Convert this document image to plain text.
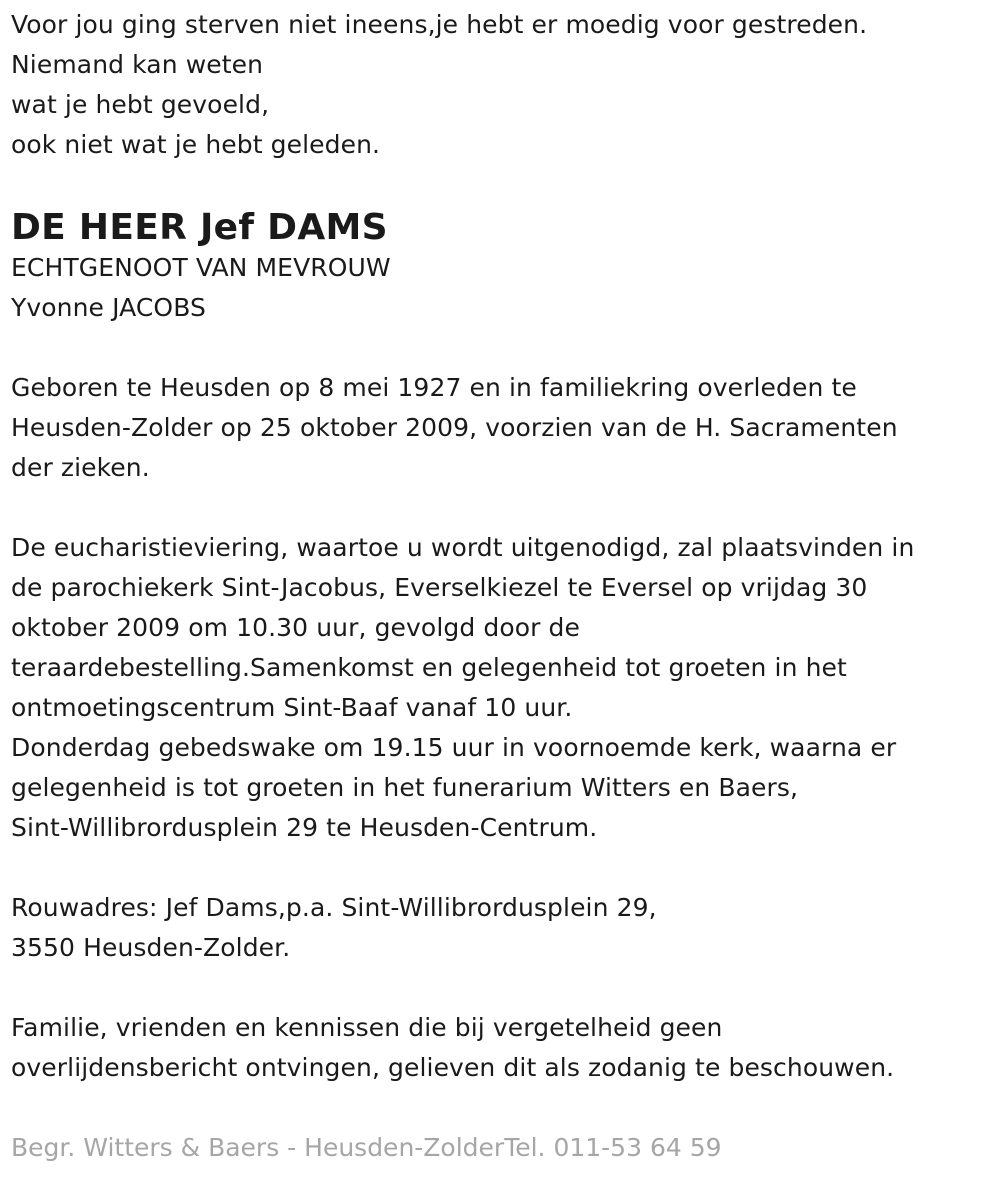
Voor jou ging sterven niet ineens,je hebt er moedig voor gestreden.
Niemand kan weten
wat je hebt gevoeld,
ook niet wat je hebt geleden.
DE HEER Jef DAMS
ECHTGENOOT VAN MEVROUW
Yvonne JACOBS
Geboren te Heusden op 8 mei 1927 en in familiekring overleden te
Heusden-Zolder op 25 oktober 2009, voorzien van de H. Sacramenten
der zieken.
De eucharistieviering, waartoe u wordt uitgenodigd, zal plaatsvinden in
de parochiekerk Sint-Jacobus, Everselkiezel te Eversel op vrijdag 30
oktober 2009 om 10.30 uur, gevolgd door de
teraardebestelling.Samenkomst en gelegenheid tot groeten in het
ontmoetingscentrum Sint-Baaf vanaf 10 uur.
Donderdag gebedswake om 19.15 uur in voornoemde kerk, waarna er
gelegenheid is tot groeten in het funerarium Witters en Baers,
Sint-Willibrordusplein 29 te Heusden-Centrum.
Rouwadres: Jef Dams,p.a. Sint-Willibrordusplein 29,
3550 Heusden-Zolder.
Familie, vrienden en kennissen die bij vergetelheid geen
overlijdensbericht ontvingen, gelieven dit als zodanig te beschouwen.
Begr. Witters & Baers - Heusden-ZolderTel. 011-53 64 59
